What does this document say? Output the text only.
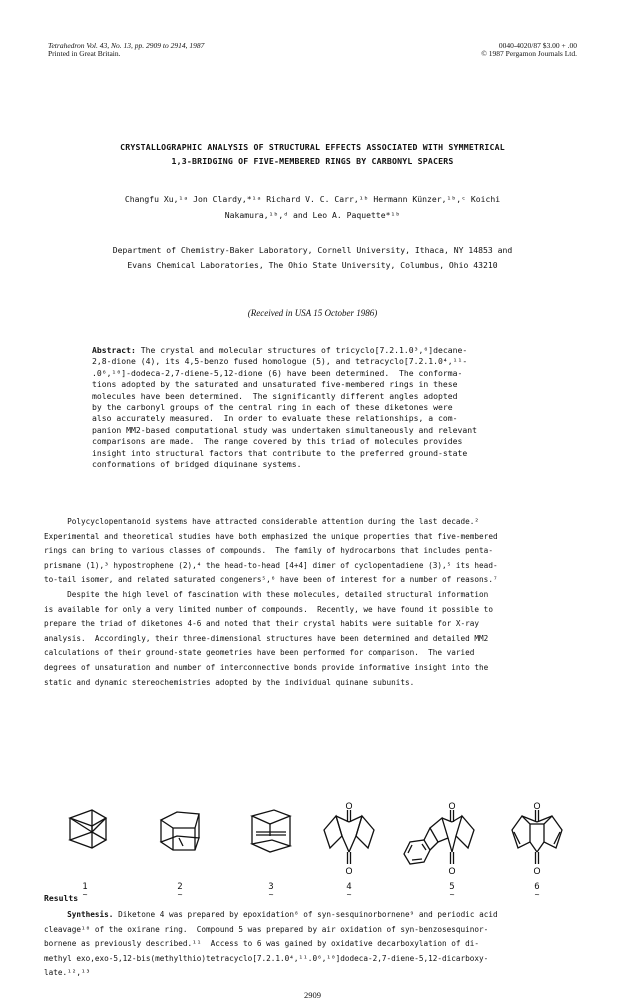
Tetrahedron Vol. 43, No. 13, pp. 2909 to 2914, 1987
Printed in Great Britain.
0040-4020/87 $3.00 + .00
© 1987 Pergamon Journals Ltd.
CRYSTALLOGRAPHIC ANALYSIS OF STRUCTURAL EFFECTS ASSOCIATED WITH SYMMETRICAL
1,3-BRIDGING OF FIVE-MEMBERED RINGS BY CARBONYL SPACERS
Changfu Xu,¹ᵃ Jon Clardy,*¹ᵃ Richard V. C. Carr,¹ᵇ Hermann Künzer,¹ᵇ,ᶜ Koichi
Nakamura,¹ᵇ,ᵈ and Leo A. Paquette*¹ᵇ
Department of Chemistry-Baker Laboratory, Cornell University, Ithaca, NY 14853 and
Evans Chemical Laboratories, The Ohio State University, Columbus, Ohio 43210
(Received in USA 15 October 1986)
Abstract: The crystal and molecular structures of tricyclo[7.2.1.0³,⁶]decane-
2,8-dione (4), its 4,5-benzo fused homologue (5), and tetracyclo[7.2.1.0⁴,¹¹-
.0⁶,¹⁰]-dodeca-2,7-diene-5,12-dione (6) have been determined.  The conforma-
tions adopted by the saturated and unsaturated five-membered rings in these
molecules have been determined.  The significantly different angles adopted
by the carbonyl groups of the central ring in each of these diketones were
also accurately measured.  In order to evaluate these relationships, a com-
panion MM2-based computational study was undertaken simultaneously and relevant
comparisons are made.  The range covered by this triad of molecules provides
insight into structural factors that contribute to the preferred ground-state
conformations of bridged diquinane systems.
Polycyclopentanoid systems have attracted considerable attention during the last decade.²
Experimental and theoretical studies have both emphasized the unique properties that five-membered
rings can bring to various classes of compounds.  The family of hydrocarbons that includes penta-
prismane (1),³ hypostrophene (2),⁴ the head-to-head [4+4] dimer of cyclopentadiene (3),⁵ its head-
to-tail isomer, and related saturated congeners⁵,⁶ have been of interest for a number of reasons.⁷
Despite the high level of fascination with these molecules, detailed structural information
is available for only a very limited number of compounds.  Recently, we have found it possible to
prepare the triad of diketones 4-6 and noted that their crystal habits were suitable for X-ray
analysis.  Accordingly, their three-dimensional structures have been determined and detailed MM2
calculations of their ground-state geometries have been performed for comparison.  The varied
degrees of unsaturation and number of interconnective bonds provide informative insight into the
static and dynamic stereochemistries adopted by the individual quinane subunits.
O
O
O
O
O
O
1
~
2
~
3
~
4
~
5
~
6
~
Results
Synthesis. Diketone 4 was prepared by epoxidation⁸ of syn-sesquinorbornene⁹ and periodic acid
cleavage¹⁰ of the oxirane ring.  Compound 5 was prepared by air oxidation of syn-benzosesquinor-
bornene as previously described.¹¹  Access to 6 was gained by oxidative decarboxylation of di-
methyl exo,exo-5,12-bis(methylthio)tetracyclo[7.2.1.0⁴,¹¹.0⁶,¹⁰]dodeca-2,7-diene-5,12-dicarboxy-
late.¹²,¹³
2909
